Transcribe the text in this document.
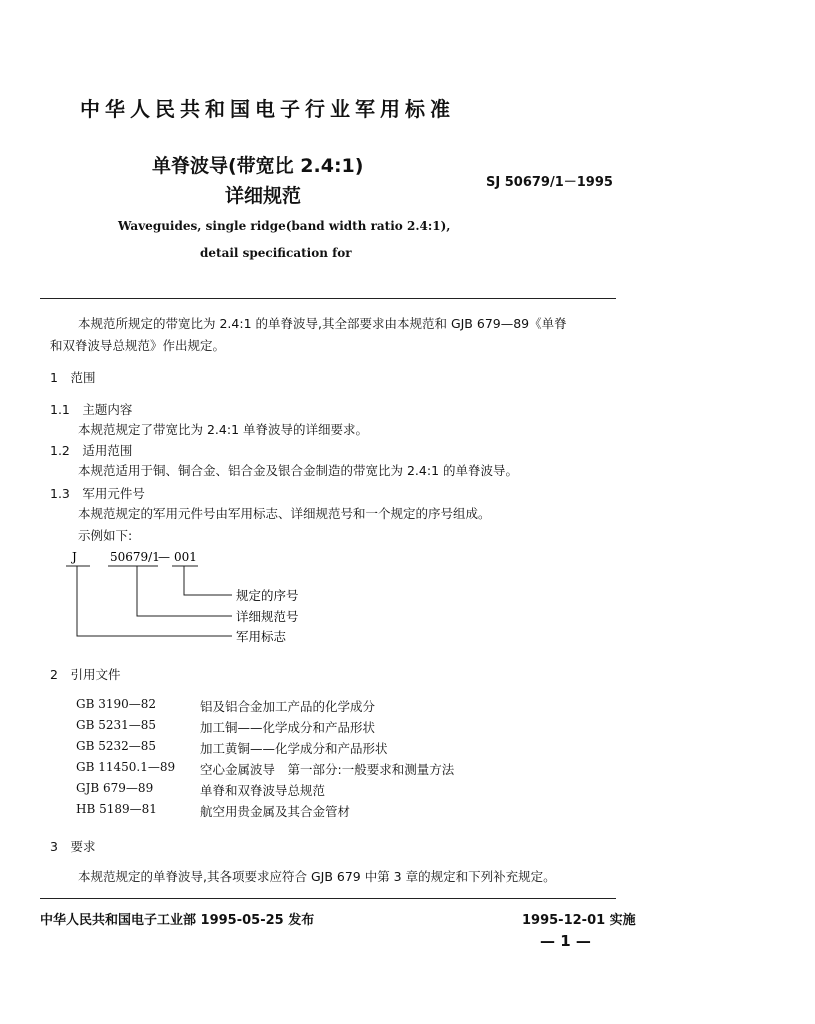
中华人民共和国电子行业军用标准
单脊波导(带宽比 2.4:1)
详细规范
SJ 50679/1－1995
Waveguides, single ridge(band width ratio 2.4:1),
detail specification for
本规范所规定的带宽比为 2.4:1 的单脊波导,其全部要求由本规范和 GJB 679—89《单脊
和双脊波导总规范》作出规定。
1　范围
1.1　主题内容
本规范规定了带宽比为 2.4:1 单脊波导的详细要求。
1.2　适用范围
本规范适用于铜、铜合金、铝合金及银合金制造的带宽比为 2.4:1 的单脊波导。
1.3　军用元件号
本规范规定的军用元件号由军用标志、详细规范号和一个规定的序号组成。
示例如下:
J	50679/1
— 001
规定的序号
详细规范号
军用标志
2　引用文件
GB 3190—82	铝及铝合金加工产品的化学成分
GB 5231—85	加工铜——化学成分和产品形状
GB 5232—85	加工黄铜——化学成分和产品形状
GB 11450.1—89 空心金属波导　第一部分:一般要求和测量方法
GJB 679—89	单脊和双脊波导总规范
HB 5189—81	航空用贵金属及其合金管材
3　要求
本规范规定的单脊波导,其各项要求应符合 GJB 679 中第 3 章的规定和下列补充规定。
中华人民共和国电子工业部 1995-05-25 发布	1995-12-01 实施
— 1 —
